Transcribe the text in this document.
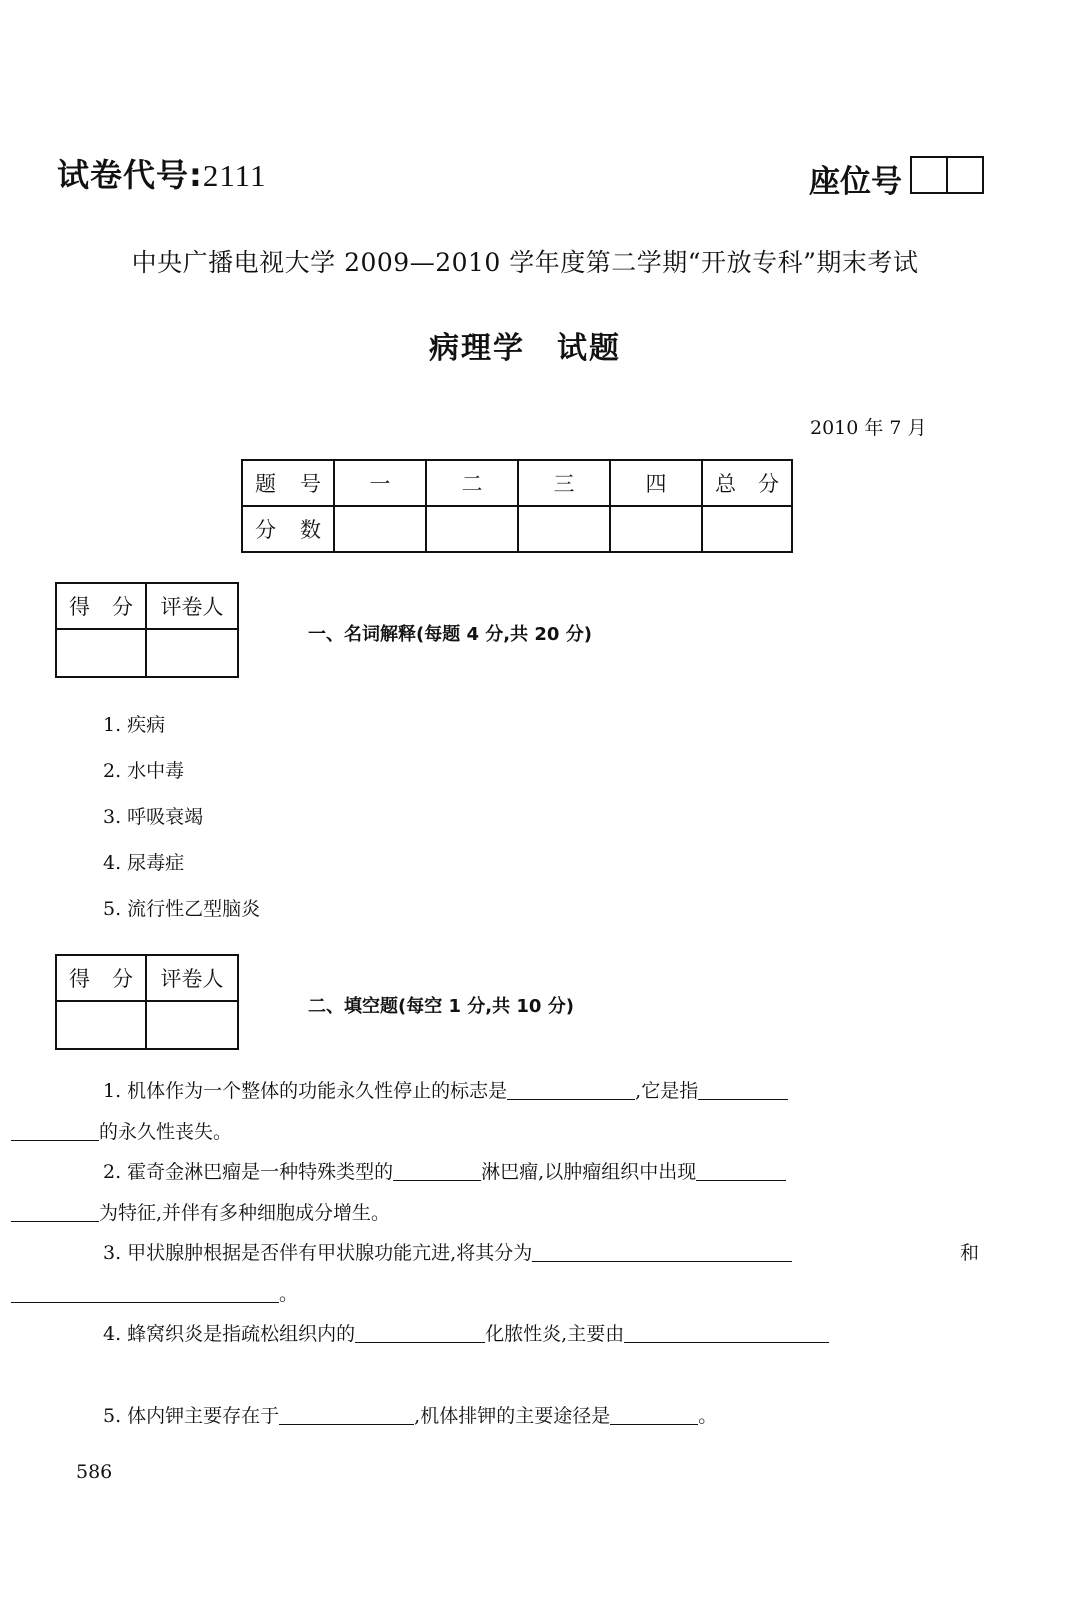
试卷代号:2111	座位号
中央广播电视大学 2009—2010 学年度第二学期“开放专科”期末考试
病理学　试题
2010 年 7 月
题号	一	二	三	四	总分
分数					
得分	评卷人

一、名词解释(每题 4 分,共 20 分)
1. 疾病
2. 水中毒
3. 呼吸衰竭
4. 尿毒症
5. 流行性乙型脑炎
得分	评卷人

二、填空题(每空 1 分,共 10 分)
1. 机体作为一个整体的功能永久性停止的标志是	,它是指
的永久性丧失。
2. 霍奇金淋巴瘤是一种特殊类型的	淋巴瘤,以肿瘤组织中出现
为特征,并伴有多种细胞成分增生。
3. 甲状腺肿根据是否伴有甲状腺功能亢进,将其分为	和

。
4. 蜂窝织炎是指疏松组织内的	化脓性炎,主要由
5. 体内钾主要存在于	,机体排钾的主要途径是	。
586
